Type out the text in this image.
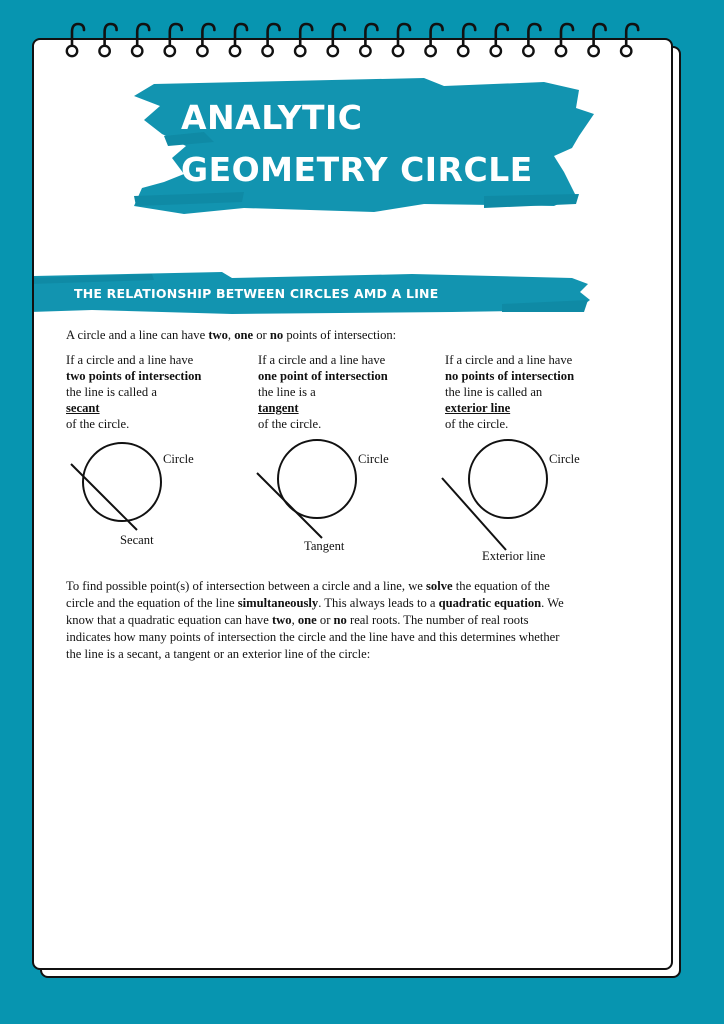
ANALYTIC
GEOMETRY CIRCLE
THE RELATIONSHIP BETWEEN CIRCLES AMD A LINE

A circle and a line can have two, one or no points of intersection:

If a circle and a line have
two points of intersection
the line is called a
secant
of the circle.
If a circle and a line have
one point of intersection
the line is a
tangent
of the circle.
If a circle and a line have
no points of intersection
the line is called an
exterior line
of the circle.
Circle
Secant
Circle
Tangent
Circle
Exterior line

To find possible point(s) of intersection between a circle and a line, we solve the equation of the circle and the equation of the line simultaneously. This always leads to a quadratic equation. We know that a quadratic equation can have two, one or no real roots. The number of real roots indicates how many points of intersection the circle and the line have and this determines whether the line is a secant, a tangent or an exterior line of the circle:
